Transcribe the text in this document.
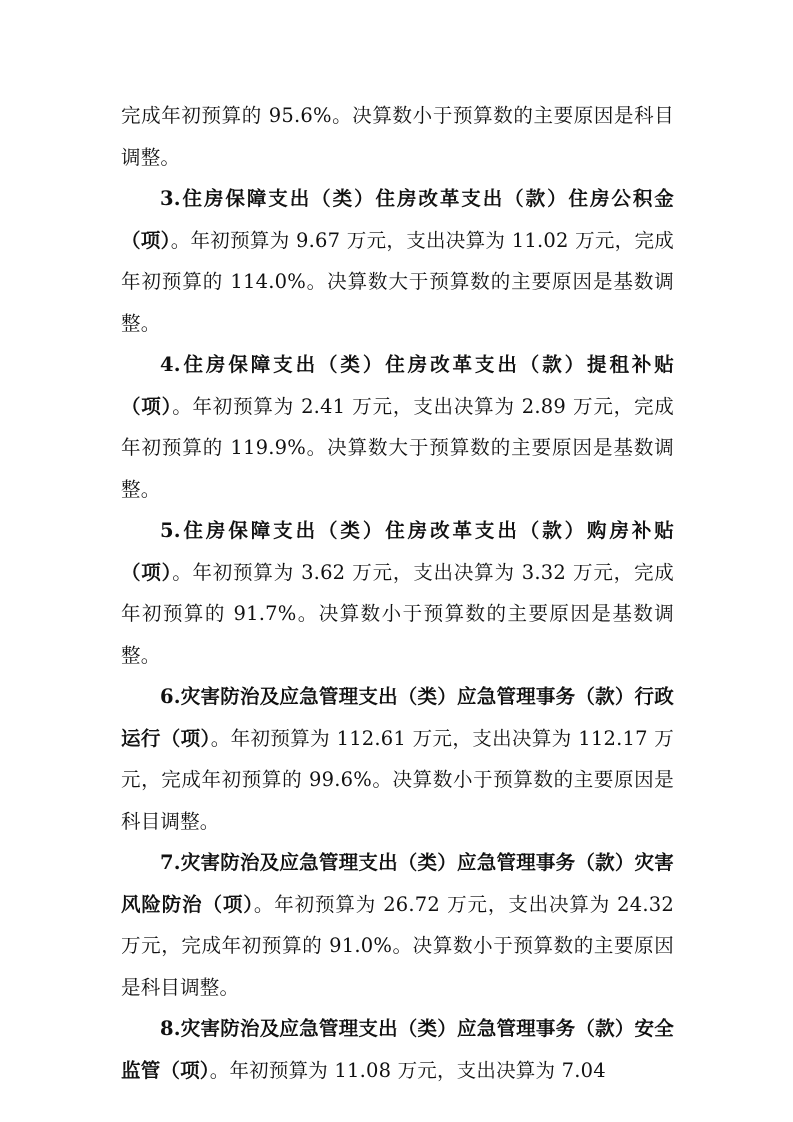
完成年初预算的 95.6%。决算数小于预算数的主要原因是科目调整。

3.住房保障支出（类）住房改革支出（款）住房公积金（项）。年初预算为 9.67 万元，支出决算为 11.02 万元，完成年初预算的 114.0%。决算数大于预算数的主要原因是基数调整。

4.住房保障支出（类）住房改革支出（款）提租补贴（项）。年初预算为 2.41 万元，支出决算为 2.89 万元，完成年初预算的 119.9%。决算数大于预算数的主要原因是基数调整。

5.住房保障支出（类）住房改革支出（款）购房补贴（项）。年初预算为 3.62 万元，支出决算为 3.32 万元，完成年初预算的 91.7%。决算数小于预算数的主要原因是基数调整。

6.灾害防治及应急管理支出（类）应急管理事务（款）行政运行（项）。年初预算为 112.61 万元，支出决算为 112.17 万元，完成年初预算的 99.6%。决算数小于预算数的主要原因是科目调整。

7.灾害防治及应急管理支出（类）应急管理事务（款）灾害风险防治（项）。年初预算为 26.72 万元，支出决算为 24.32 万元，完成年初预算的 91.0%。决算数小于预算数的主要原因是科目调整。

8.灾害防治及应急管理支出（类）应急管理事务（款）安全监管（项）。年初预算为 11.08 万元，支出决算为 7.04
